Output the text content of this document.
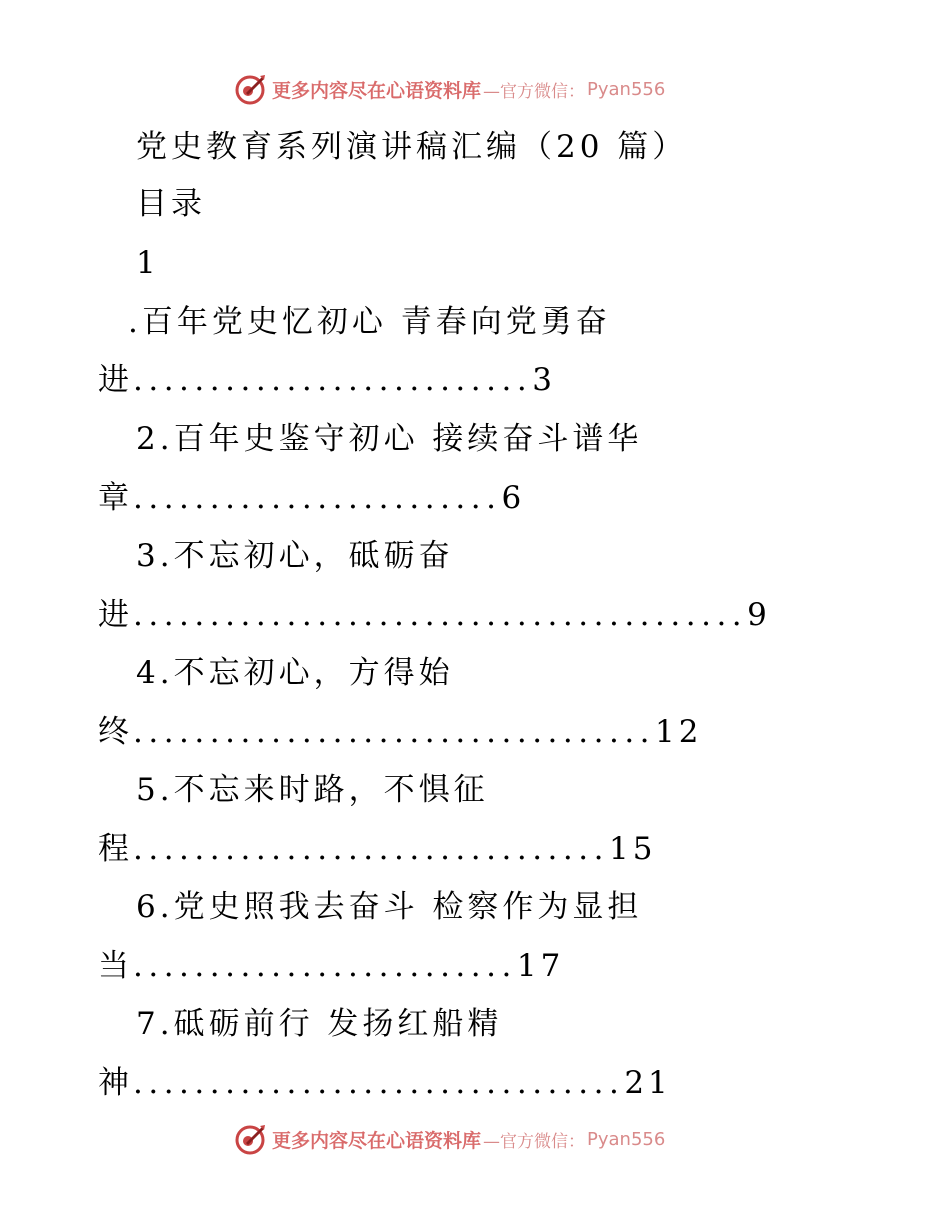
更多内容尽在心语资料库 —官方微信： Pyan556
党史教育系列演讲稿汇编（20 篇）
目录
1
.百年党史忆初心 青春向党勇奋
进..........................3
2.百年史鉴守初心 接续奋斗谱华
章........................6
3.不忘初心，砥砺奋
进........................................9
4.不忘初心，方得始
终..................................12
5.不忘来时路，不惧征
程...............................15
6.党史照我去奋斗 检察作为显担
当.........................17
7.砥砺前行 发扬红船精
神................................21
更多内容尽在心语资料库 —官方微信： Pyan556
